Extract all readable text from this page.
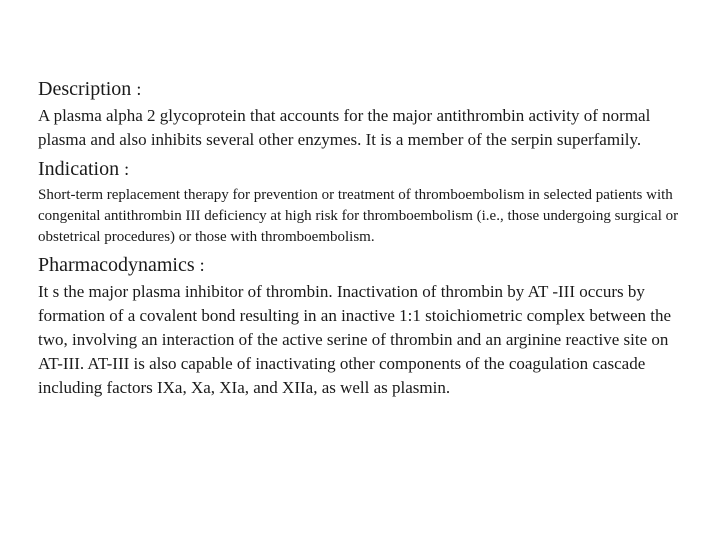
Description :

A plasma alpha 2 glycoprotein that accounts for the major antithrombin activity of normal plasma and also inhibits several other enzymes. It is a member of the serpin superfamily.

Indication :

Short-term replacement therapy for prevention or treatment of thromboembolism in selected patients with congenital antithrombin III deficiency at high risk for thromboembolism (i.e., those undergoing surgical or obstetrical procedures) or those with thromboembolism.

Pharmacodynamics :

It s the major plasma inhibitor of thrombin. Inactivation of thrombin by AT -III occurs by formation of a covalent bond resulting in an inactive 1:1 stoichiometric complex between the two, involving an interaction of the active serine of thrombin and an arginine reactive site on AT-III. AT-III is also capable of inactivating other components of the coagulation cascade including factors IXa, Xa, XIa, and XIIa, as well as plasmin.
